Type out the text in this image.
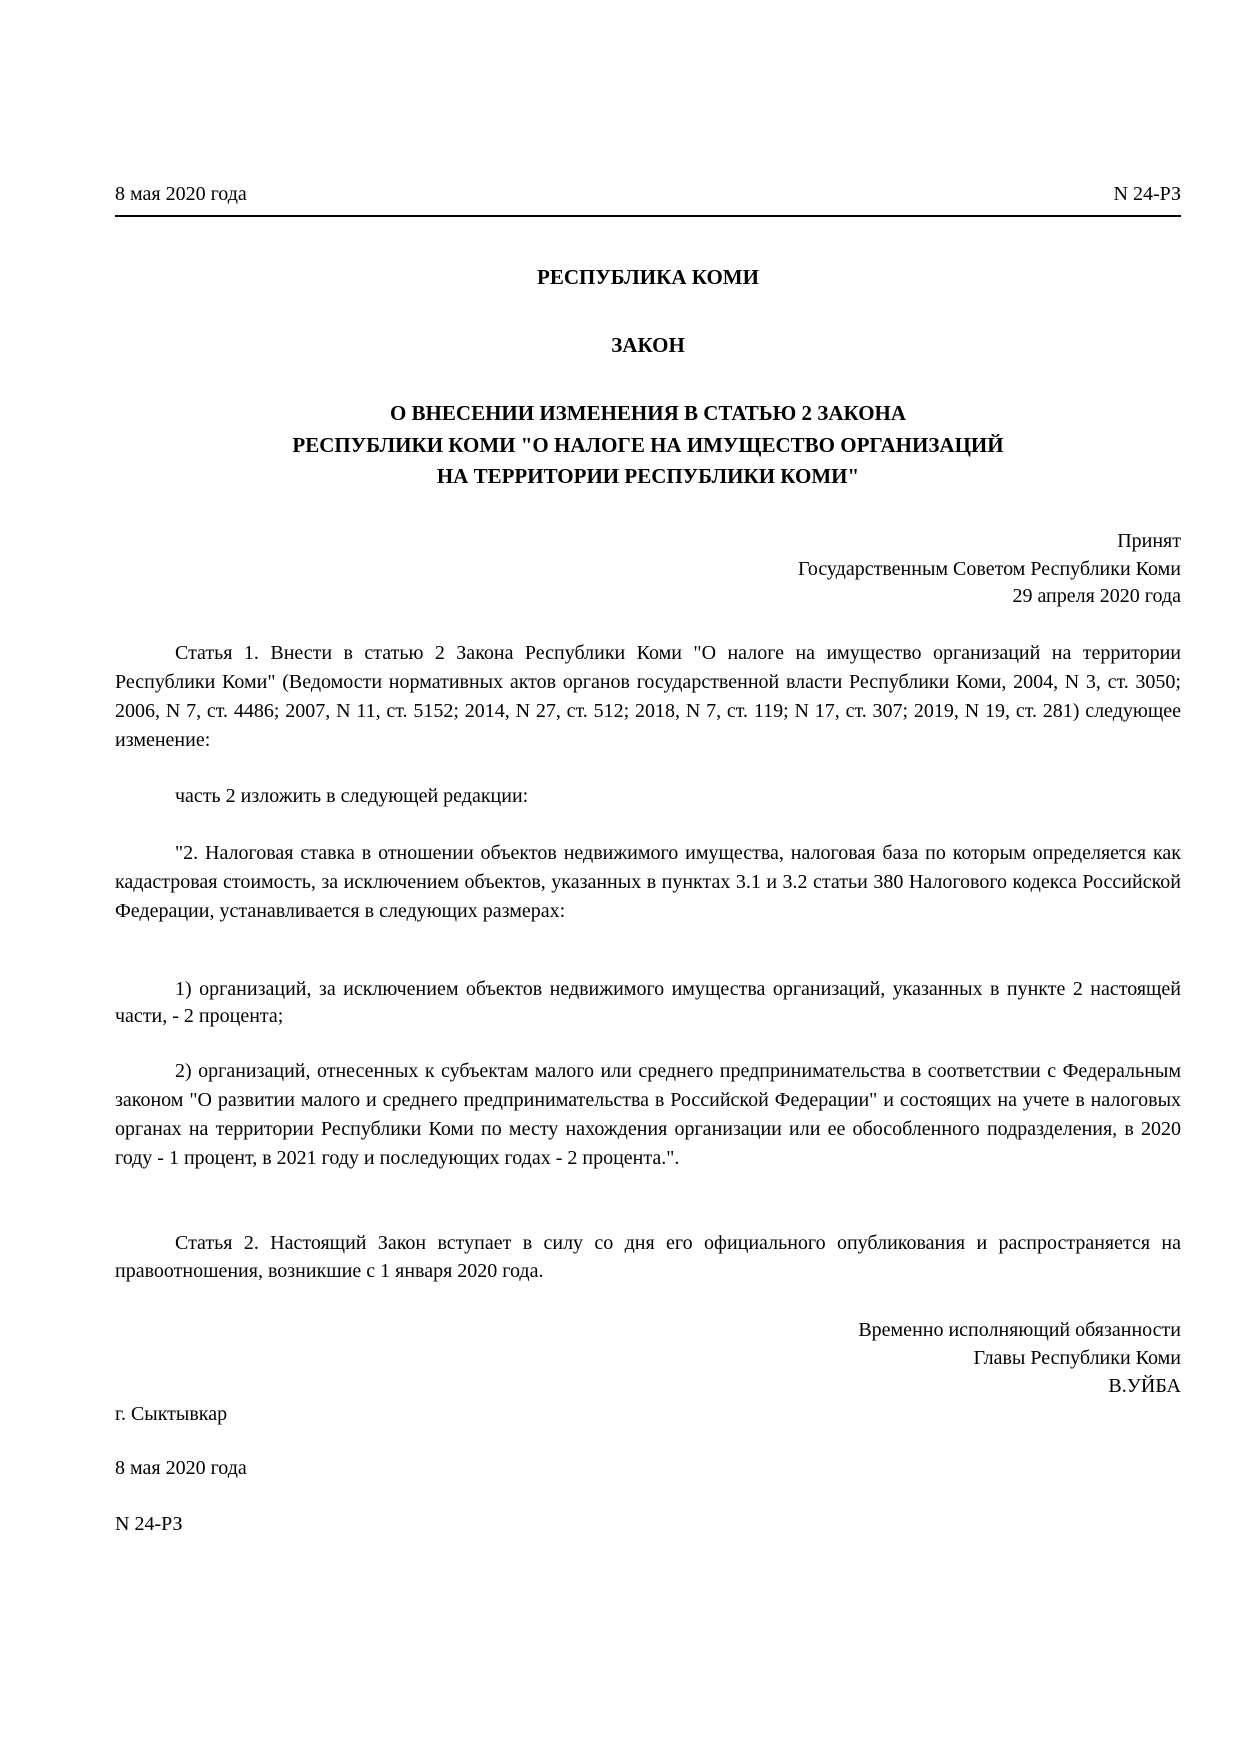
8 мая 2020 года	N 24-РЗ
РЕСПУБЛИКА КОМИ
ЗАКОН
О ВНЕСЕНИИ ИЗМЕНЕНИЯ В СТАТЬЮ 2 ЗАКОНА
РЕСПУБЛИКИ КОМИ "О НАЛОГЕ НА ИМУЩЕСТВО ОРГАНИЗАЦИЙ
НА ТЕРРИТОРИИ РЕСПУБЛИКИ КОМИ"
Принят
Государственным Советом Республики Коми
29 апреля 2020 года

Статья 1. Внести в статью 2 Закона Республики Коми "О налоге на имущество организаций на территории Республики Коми" (Ведомости нормативных актов органов государственной власти Республики Коми, 2004, N 3, ст. 3050; 2006, N 7, ст. 4486; 2007, N 11, ст. 5152; 2014, N 27, ст. 512; 2018, N 7, ст. 119; N 17, ст. 307; 2019, N 19, ст. 281) следующее изменение:

часть 2 изложить в следующей редакции:

"2. Налоговая ставка в отношении объектов недвижимого имущества, налоговая база по которым определяется как кадастровая стоимость, за исключением объектов, указанных в пунктах 3.1 и 3.2 статьи 380 Налогового кодекса Российской Федерации, устанавливается в следующих размерах:

1) организаций, за исключением объектов недвижимого имущества организаций, указанных в пункте 2 настоящей части, - 2 процента;

2) организаций, отнесенных к субъектам малого или среднего предпринимательства в соответствии с Федеральным законом "О развитии малого и среднего предпринимательства в Российской Федерации" и состоящих на учете в налоговых органах на территории Республики Коми по месту нахождения организации или ее обособленного подразделения, в 2020 году - 1 процент, в 2021 году и последующих годах - 2 процента.".

Статья 2. Настоящий Закон вступает в силу со дня его официального опубликования и распространяется на правоотношения, возникшие с 1 января 2020 года.

Временно исполняющий обязанности
Главы Республики Коми
В.УЙБА
г. Сыктывкар
8 мая 2020 года
N 24-РЗ
